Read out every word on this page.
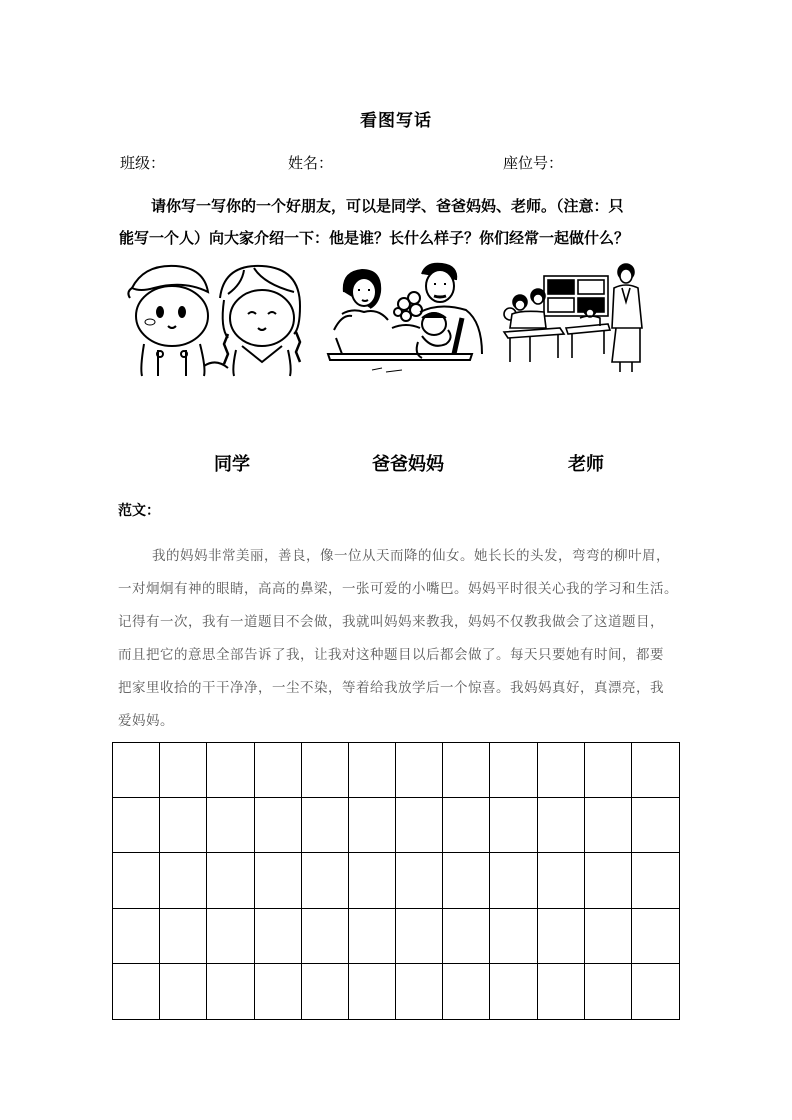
看图写话
班级：	姓名：	座位号：
请你写一写你的一个好朋友，可以是同学、爸爸妈妈、老师。（注意：只
能写一个人）向大家介绍一下：他是谁？长什么样子？你们经常一起做什么？
同学	爸爸妈妈	老师
范文：
我的妈妈非常美丽，善良，像一位从天而降的仙女。她长长的头发，弯弯的柳叶眉，
一对炯炯有神的眼睛，高高的鼻梁，一张可爱的小嘴巴。妈妈平时很关心我的学习和生活。
记得有一次，我有一道题目不会做，我就叫妈妈来教我，妈妈不仅教我做会了这道题目，
而且把它的意思全部告诉了我，让我对这种题目以后都会做了。每天只要她有时间，都要
把家里收拾的干干净净，一尘不染，等着给我放学后一个惊喜。我妈妈真好，真漂亮，我
爱妈妈。
